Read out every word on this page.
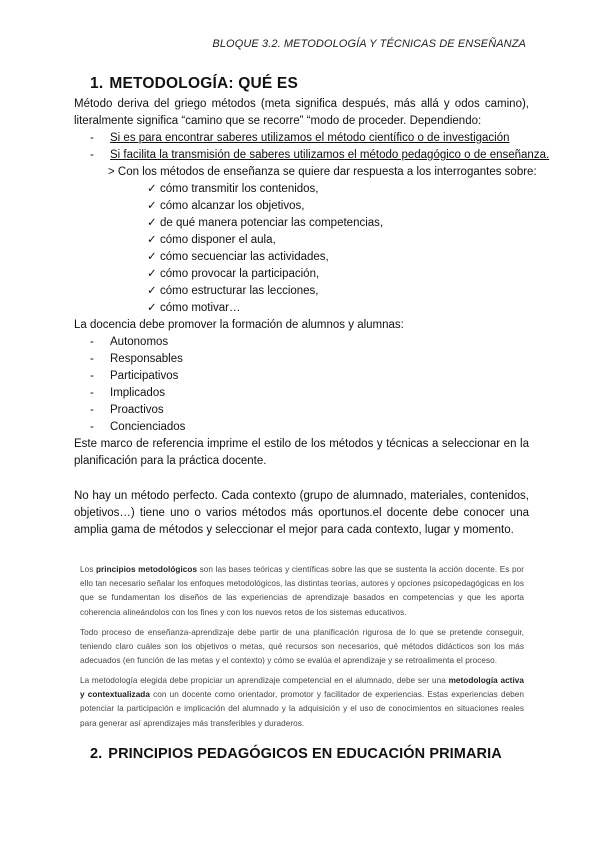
BLOQUE 3.2. METODOLOGÍA Y TÉCNICAS DE ENSEÑANZA
1. METODOLOGÍA: QUÉ ES
Método deriva del griego métodos (meta significa después, más allá y odos camino), literalmente significa “camino que se recorre” “modo de proceder. Dependiendo:
- Si es para encontrar saberes utilizamos el método científico o de investigación
- Si facilita la transmisión de saberes utilizamos el método pedagógico o de enseñanza.
> Con los métodos de enseñanza se quiere dar respuesta a los interrogantes sobre:
✓ cómo transmitir los contenidos,
✓ cómo alcanzar los objetivos,
✓ de qué manera potenciar las competencias,
✓ cómo disponer el aula,
✓ cómo secuenciar las actividades,
✓ cómo provocar la participación,
✓ cómo estructurar las lecciones,
✓ cómo motivar…
La docencia debe promover la formación de alumnos y alumnas:
- Autonomos
- Responsables
- Participativos
- Implicados
- Proactivos
- Concienciados
Este marco de referencia imprime el estilo de los métodos y técnicas a seleccionar en la planificación para la práctica docente.
No hay un método perfecto. Cada contexto (grupo de alumnado, materiales, contenidos, objetivos…) tiene uno o varios métodos más oportunos.el docente debe conocer una amplia gama de métodos y seleccionar el mejor para cada contexto, lugar y momento.
Los principios metodológicos son las bases teóricas y científicas sobre las que se sustenta la acción docente. Es por ello tan necesario señalar los enfoques metodológicos, las distintas teorías, autores y opciones psicopedagógicas en los que se fundamentan los diseños de las experiencias de aprendizaje basados en competencias y que les aporta coherencia alineándolos con los fines y con los nuevos retos de los sistemas educativos.
Todo proceso de enseñanza-aprendizaje debe partir de una planificación rigurosa de lo que se pretende conseguir, teniendo claro cuáles son los objetivos o metas, qué recursos son necesarios, qué métodos didácticos son los más adecuados (en función de las metas y el contexto) y cómo se evalúa el aprendizaje y se retroalimenta el proceso.
La metodología elegida debe propiciar un aprendizaje competencial en el alumnado, debe ser una metodología activa y contextualizada con un docente como orientador, promotor y facilitador de experiencias. Estas experiencias deben potenciar la participación e implicación del alumnado y la adquisición y el uso de conocimientos en situaciones reales para generar así aprendizajes más transferibles y duraderos.
2. PRINCIPIOS PEDAGÓGICOS EN EDUCACIÓN PRIMARIA
